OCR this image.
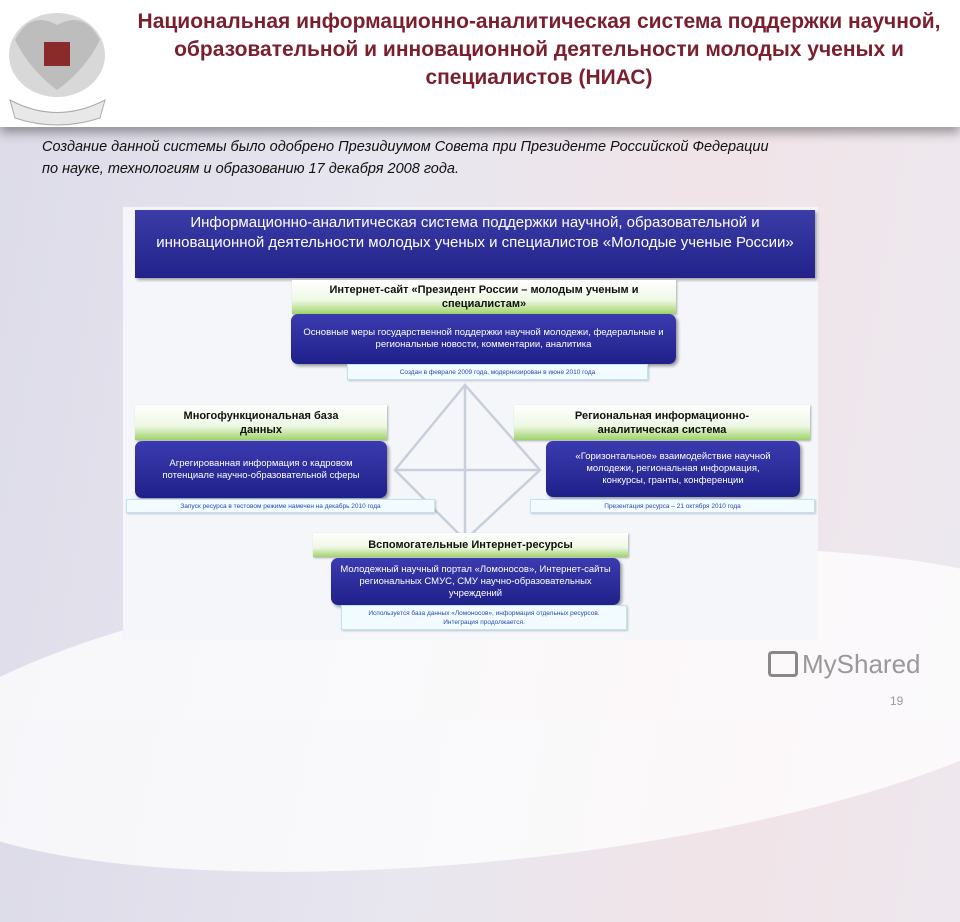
Национальная информационно-аналитическая система поддержки научной, образовательной и инновационной деятельности молодых ученых и специалистов (НИАС)
Создание данной системы было одобрено Президиумом Совета при Президенте Российской Федерации
по науке, технологиям и образованию 17 декабря 2008 года.
Информационно-аналитическая система поддержки научной, образовательной и инновационной деятельности молодых ученых и специалистов «Молодые ученые России»
Интернет-сайт «Президент России – молодым ученым и специалистам»
Основные меры государственной поддержки научной молодежи, федеральные и региональные новости, комментарии, аналитика
Создан в феврале 2009 года, модернизирован в июне 2010 года
Многофункциональная база данных
Агрегированная информация о кадровом потенциале научно-образовательной сферы
Запуск ресурса в тестовом режиме намечен на декабрь 2010 года
Региональная информационно-аналитическая система
«Горизонтальное» взаимодействие научной молодежи, региональная информация, конкурсы, гранты, конференции
Презентация ресурса – 21 октября 2010 года
Вспомогательные Интернет-ресурсы
Молодежный научный портал «Ломоносов», Интернет-сайты региональных СМУС, СМУ научно-образовательных учреждений
Используется база данных «Ломоносов», информация отдельных ресурсов. Интеграция продолжается.
MyShared
19
